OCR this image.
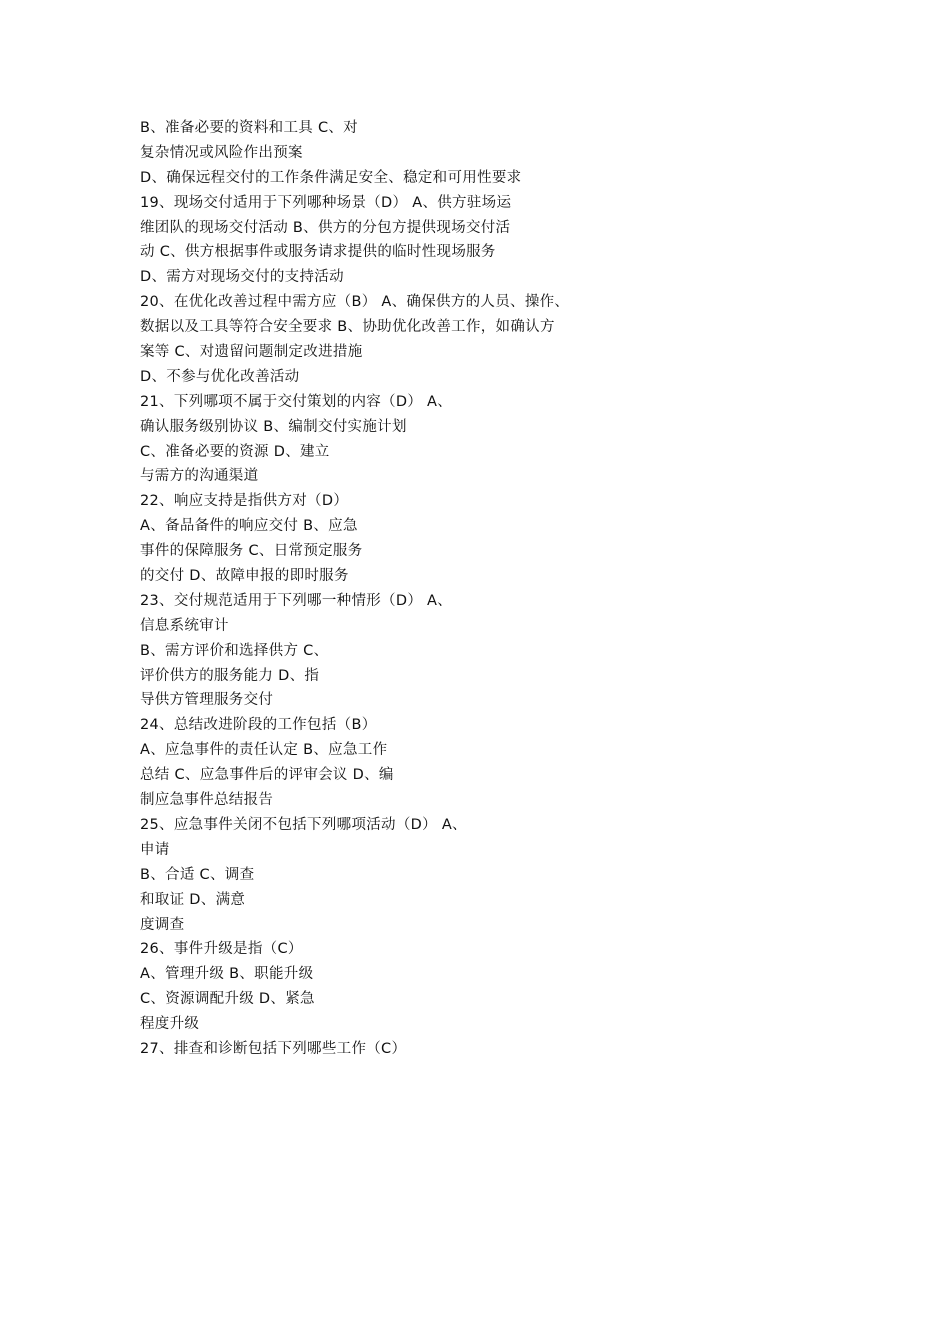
B、准备必要的资料和工具 C、对
复杂情况或风险作出预案
D、确保远程交付的工作条件满足安全、稳定和可用性要求
19、现场交付适用于下列哪种场景（D） A、供方驻场运
维团队的现场交付活动 B、供方的分包方提供现场交付活
动 C、供方根据事件或服务请求提供的临时性现场服务
D、需方对现场交付的支持活动
20、在优化改善过程中需方应（B） A、确保供方的人员、操作、
数据以及工具等符合安全要求 B、协助优化改善工作，如确认方
案等 C、对遗留问题制定改进措施
D、不参与优化改善活动
21、下列哪项不属于交付策划的内容（D） A、
确认服务级别协议 B、编制交付实施计划
C、准备必要的资源 D、建立
与需方的沟通渠道
22、响应支持是指供方对（D）
A、备品备件的响应交付 B、应急
事件的保障服务 C、日常预定服务
的交付 D、故障申报的即时服务
23、交付规范适用于下列哪一种情形（D） A、
信息系统审计
B、需方评价和选择供方 C、
评价供方的服务能力 D、指
导供方管理服务交付
24、总结改进阶段的工作包括（B）
A、应急事件的责任认定 B、应急工作
总结 C、应急事件后的评审会议 D、编
制应急事件总结报告
25、应急事件关闭不包括下列哪项活动（D） A、
申请
B、合适 C、调查
和取证 D、满意
度调查
26、事件升级是指（C）
A、管理升级 B、职能升级
C、资源调配升级 D、紧急
程度升级
27、排查和诊断包括下列哪些工作（C）
